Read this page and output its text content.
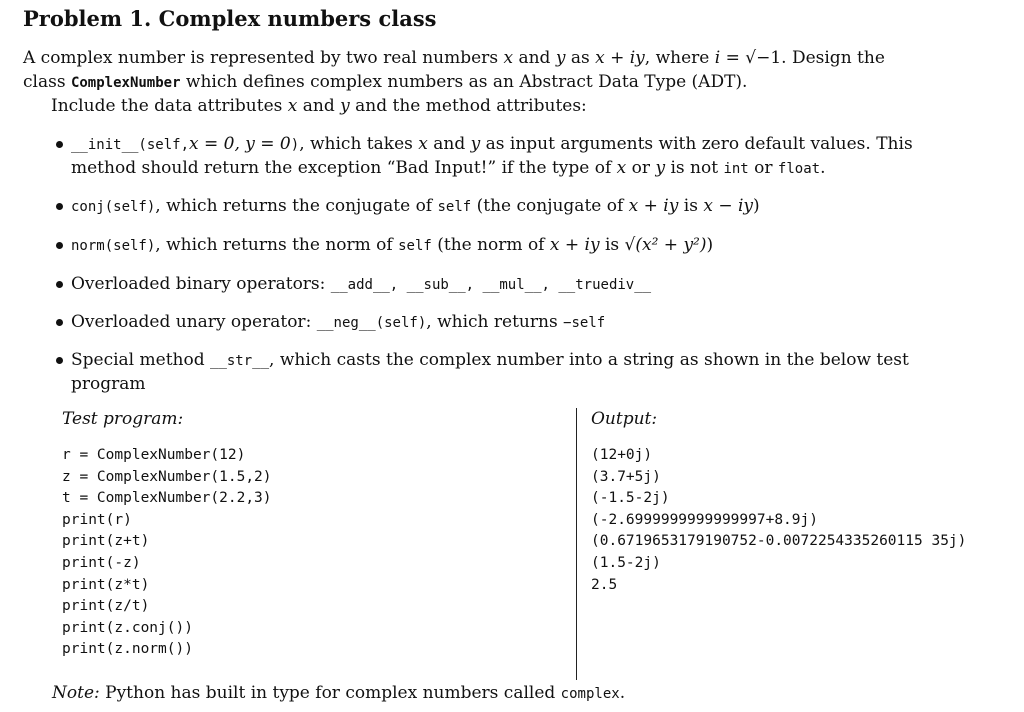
Problem 1. Complex numbers class
A complex number is represented by two real numbers x and y as x + iy, where i = √−1. Design the
class ComplexNumber which defines complex numbers as an Abstract Data Type (ADT).
Include the data attributes x and y and the method attributes:
__init__(self,x = 0, y = 0), which takes x and y as input arguments with zero default values. This
method should return the exception “Bad Input!” if the type of x or y is not int or float.
conj(self), which returns the conjugate of self (the conjugate of x + iy is x − iy)
norm(self), which returns the norm of self (the norm of x + iy is √(x² + y²))
Overloaded binary operators: __add__, __sub__, __mul__, __truediv__
Overloaded unary operator: __neg__(self), which returns −self
Special method __str__, which casts the complex number into a string as shown in the below test
program
Test program:	Output:
r = ComplexNumber(12)
z = ComplexNumber(1.5,2)
t = ComplexNumber(2.2,3)
print(r)
print(z+t)
print(-z)
print(z*t)
print(z/t)
print(z.conj())
print(z.norm())
(12+0j)
(3.7+5j)
(-1.5-2j)
(-2.6999999999999997+8.9j)
(0.6719653179190752-0.0072254335260115 35j)
(1.5-2j)
2.5
Note: Python has built in type for complex numbers called complex.
